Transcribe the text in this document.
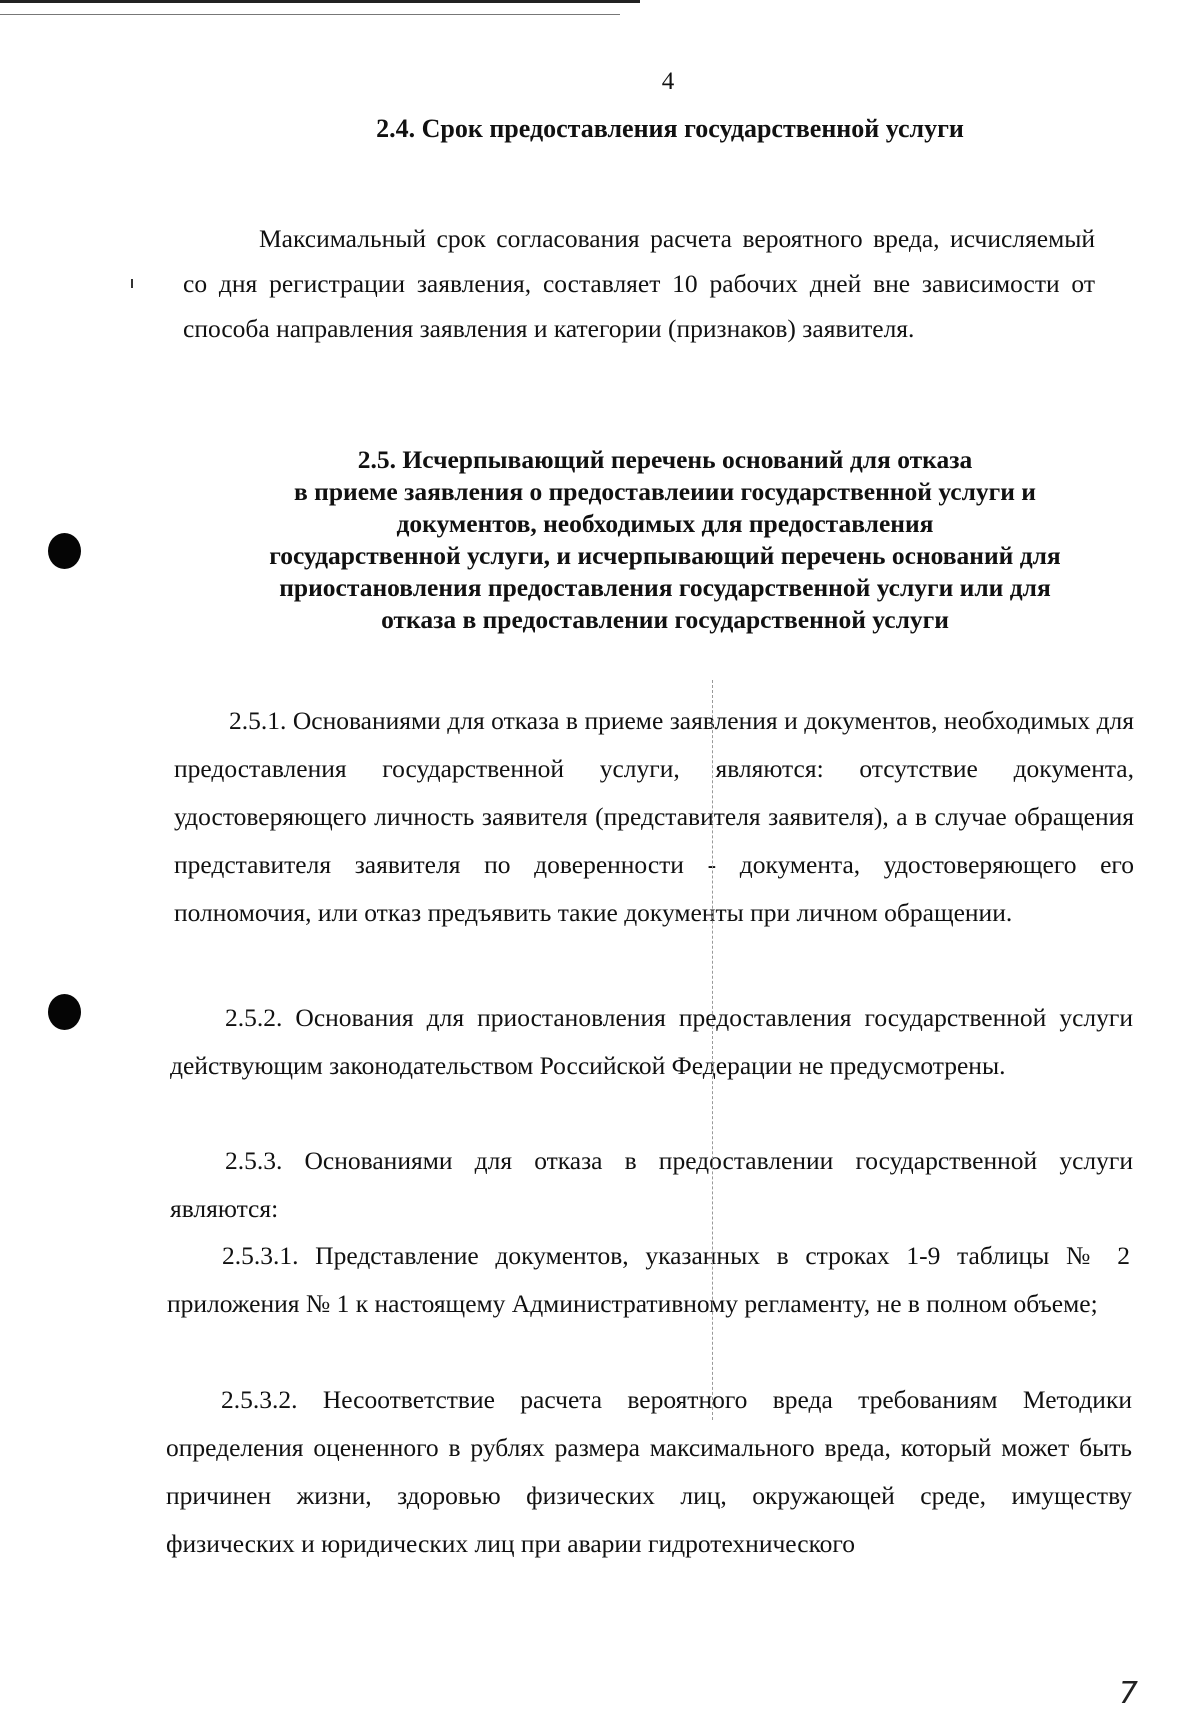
4
2.4. Срок предоставления государственной услуги

Максимальный срок согласования расчета вероятного вреда, исчисляемый со дня регистрации заявления, составляет 10 рабочих дней вне зависимости от способа направления заявления и категории (признаков) заявителя.

2.5. Исчерпывающий перечень оснований для отказа
в приеме заявления о предоставлеиии государственной услуги и
документов, необходимых для предоставления
государственной услуги, и исчерпывающий перечень оснований для
приостановления предоставления государственной услуги или для
отказа в предоставлении государственной услуги

2.5.1. Основаниями для отказа в приеме заявления и документов, необходимых для предоставления государственной услуги, являются: отсутствие документа, удостоверяющего личность заявителя (представителя заявителя), а в случае обращения представителя заявителя по доверенности - документа, удостоверяющего его полномочия, или отказ предъявить такие документы при личном обращении.

2.5.2. Основания для приостановления предоставления государственной услуги действующим законодательством Российской Федерации не предусмотрены.

2.5.3. Основаниями для отказа в предоставлении государственной услуги являются:

2.5.3.1. Представление документов, указанных в строках 1-9 таблицы № 2 приложения № 1 к настоящему Административному регламенту, не в полном объеме;

2.5.3.2. Несоответствие расчета вероятного вреда требованиям Методики определения оцененного в рублях размера максимального вреда, который может быть причинен жизни, здоровью физических лиц, окружающей среде, имуществу физических и юридических лиц при аварии гидротехнического

7
